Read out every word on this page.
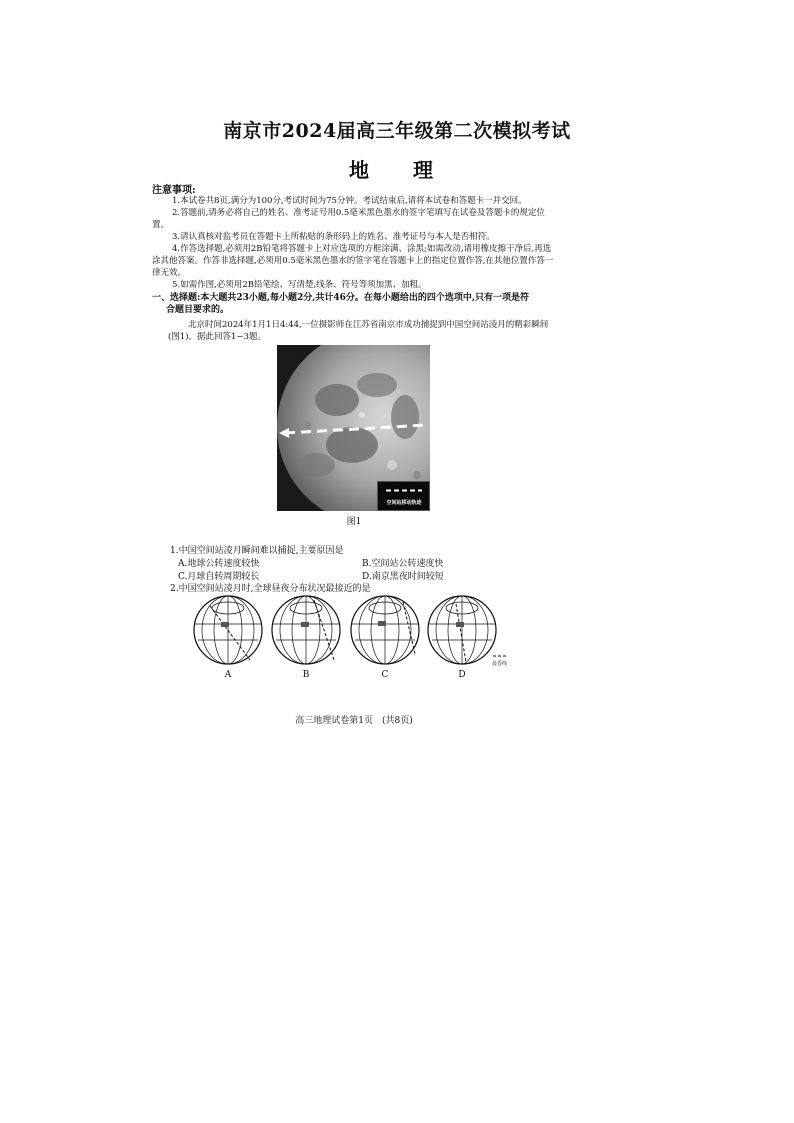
南京市2024届高三年级第二次模拟考试
地　理
注意事项:

1.本试卷共8页,满分为100分,考试时间为75分钟。考试结束后,请将本试卷和答题卡一并交回。

2.答题前,请务必将自己的姓名、准考证号用0.5毫米黑色墨水的签字笔填写在试卷及答题卡的规定位置。

3.请认真核对监考员在答题卡上所粘贴的条形码上的姓名、准考证号与本人是否相符。

4.作答选择题,必须用2B铅笔将答题卡上对应选项的方框涂满、涂黑;如需改动,请用橡皮擦干净后,再选涂其他答案。作答非选择题,必须用0.5毫米黑色墨水的签字笔在答题卡上的指定位置作答,在其他位置作答一律无效。

5.如需作图,必须用2B铅笔绘、写清楚,线条、符号等须加黑、加粗。

一、选择题:本大题共23小题,每小题2分,共计46分。在每小题给出的四个选项中,只有一项是符

合题目要求的。

北京时间2024年1月1日4:44,一位摄影师在江苏省南京市成功捕捉到中国空间站凌月的精彩瞬间(图1)。据此回答1~3题。

空间站移动轨迹
图1
1.中国空间站凌月瞬间难以捕捉,主要原因是
A.地球公转速度较快	B.空间站公转速度快
C.月球自转周期较长	D.南京黑夜时间较短
2.中国空间站凌月时,全球昼夜分布状况最接近的是
A	B	C	D
晨昏线
高三地理试卷第1页　(共8页)
